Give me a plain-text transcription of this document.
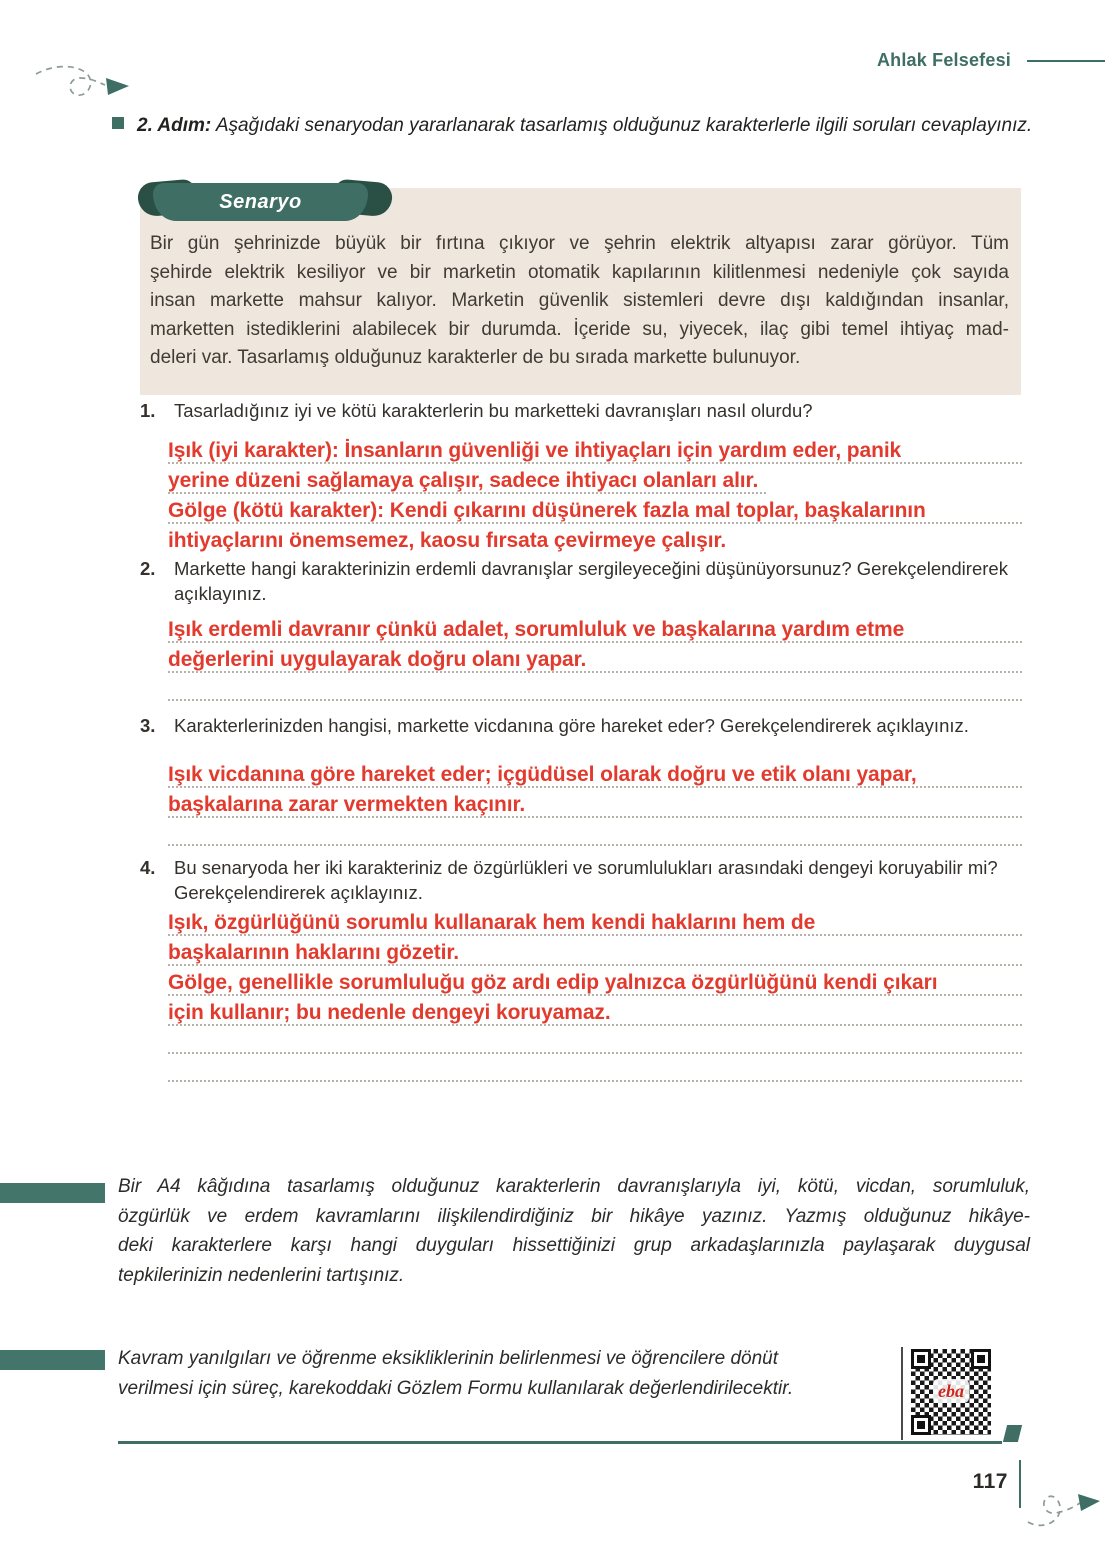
Ahlak Felsefesi
2. Adım: Aşağıdaki senaryodan yararlanarak tasarlamış olduğunuz karakterlerle ilgili soruları cevaplayınız.
Senaryo
Bir gün şehrinizde büyük bir fırtına çıkıyor ve şehrin elektrik altyapısı zarar görüyor. Tüm
şehirde elektrik kesiliyor ve bir marketin otomatik kapılarının kilitlenmesi nedeniyle çok sayıda
insan markette mahsur kalıyor. Marketin güvenlik sistemleri devre dışı kaldığından insanlar,
marketten istediklerini alabilecek bir durumda. İçeride su, yiyecek, ilaç gibi temel ihtiyaç mad-
deleri var. Tasarlamış olduğunuz karakterler de bu sırada markette bulunuyor.
1.	Tasarladığınız iyi ve kötü karakterlerin bu marketteki davranışları nasıl olurdu?
Işık (iyi karakter): İnsanların güvenliği ve ihtiyaçları için yardım eder, panik
yerine düzeni sağlamaya çalışır, sadece ihtiyacı olanları alır.
Gölge (kötü karakter): Kendi çıkarını düşünerek fazla mal toplar, başkalarının
ihtiyaçlarını önemsemez, kaosu fırsata çevirmeye çalışır.
2.	Markette hangi karakterinizin erdemli davranışlar sergileyeceğini düşünüyorsunuz? Gerekçelendirerek açıklayınız.
Işık erdemli davranır çünkü adalet, sorumluluk ve başkalarına yardım etme
değerlerini uygulayarak doğru olanı yapar.
3.	Karakterlerinizden hangisi, markette vicdanına göre hareket eder? Gerekçelendirerek açıklayınız.
Işık vicdanına göre hareket eder; içgüdüsel olarak doğru ve etik olanı yapar,
başkalarına zarar vermekten kaçınır.
4.	Bu senaryoda her iki karakteriniz de özgürlükleri ve sorumlulukları arasındaki dengeyi koruyabilir mi? Gerekçelendirerek açıklayınız.
Işık, özgürlüğünü sorumlu kullanarak hem kendi haklarını hem de
başkalarının haklarını gözetir.
Gölge, genellikle sorumluluğu göz ardı edip yalnızca özgürlüğünü kendi çıkarı
için kullanır; bu nedenle dengeyi koruyamaz.
Bir A4 kâğıdına tasarlamış olduğunuz karakterlerin davranışlarıyla iyi, kötü, vicdan, sorumluluk,
özgürlük ve erdem kavramlarını ilişkilendirdiğiniz bir hikâye yazınız. Yazmış olduğunuz hikâye-
deki karakterlere karşı hangi duyguları hissettiğinizi grup arkadaşlarınızla paylaşarak duygusal
tepkilerinizin nedenlerini tartışınız.
Kavram yanılgıları ve öğrenme eksikliklerinin belirlenmesi ve öğrencilere dönüt
verilmesi için süreç, karekoddaki Gözlem Formu kullanılarak değerlendirilecektir.	eba
117
